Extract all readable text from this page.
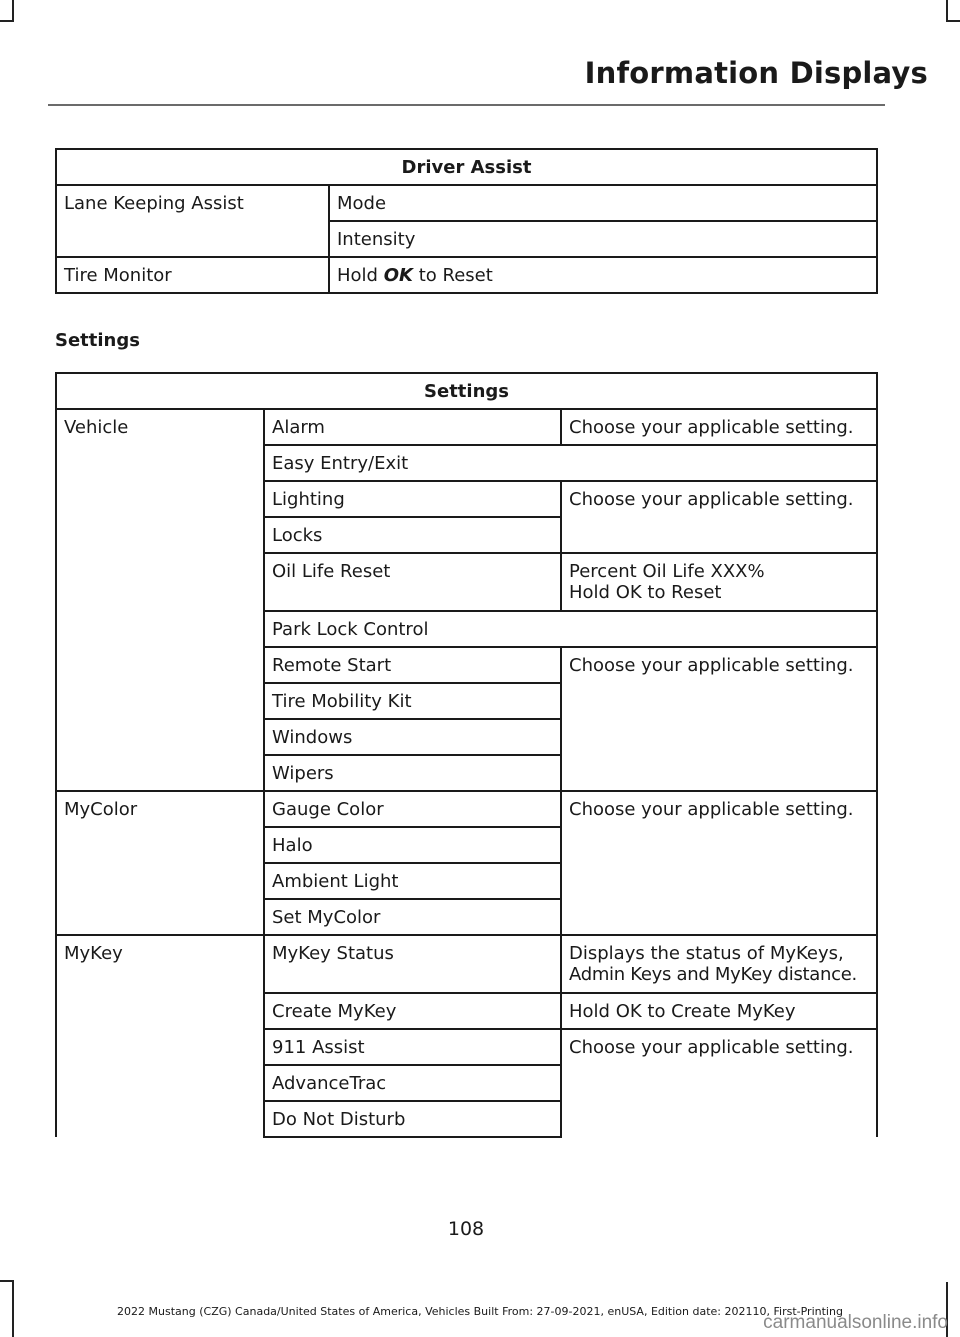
Information Displays
Driver Assist	
Lane Keeping Assist	Mode
	Intensity
Tire Monitor	Hold OK to Reset
Settings
Settings		
Vehicle	Alarm	Choose your applicable setting.
	Easy Entry/Exit	
	Lighting	Choose your applicable setting.
	Locks	
	Oil Life Reset	Percent Oil Life XXX%
Hold OK to Reset

	Park Lock Control	
	Remote Start	Choose your applicable setting.
	Tire Mobility Kit	
	Windows	
	Wipers	

MyColor	Gauge Color	Choose your applicable setting.
	Halo	
	Ambient Light	
	Set MyColor	
MyKey	MyKey Status	Displays the status of MyKeys,
Admin Keys and MyKey distance.

	Create MyKey	Hold OK to Create MyKey
	911 Assist	Choose your applicable setting.
	AdvanceTrac	
	Do Not Disturb	
108
2022 Mustang (CZG) Canada/United States of America, Vehicles Built From: 27-09-2021, enUSA, Edition date: 202110, First-Printing
carmanualsonline.info
